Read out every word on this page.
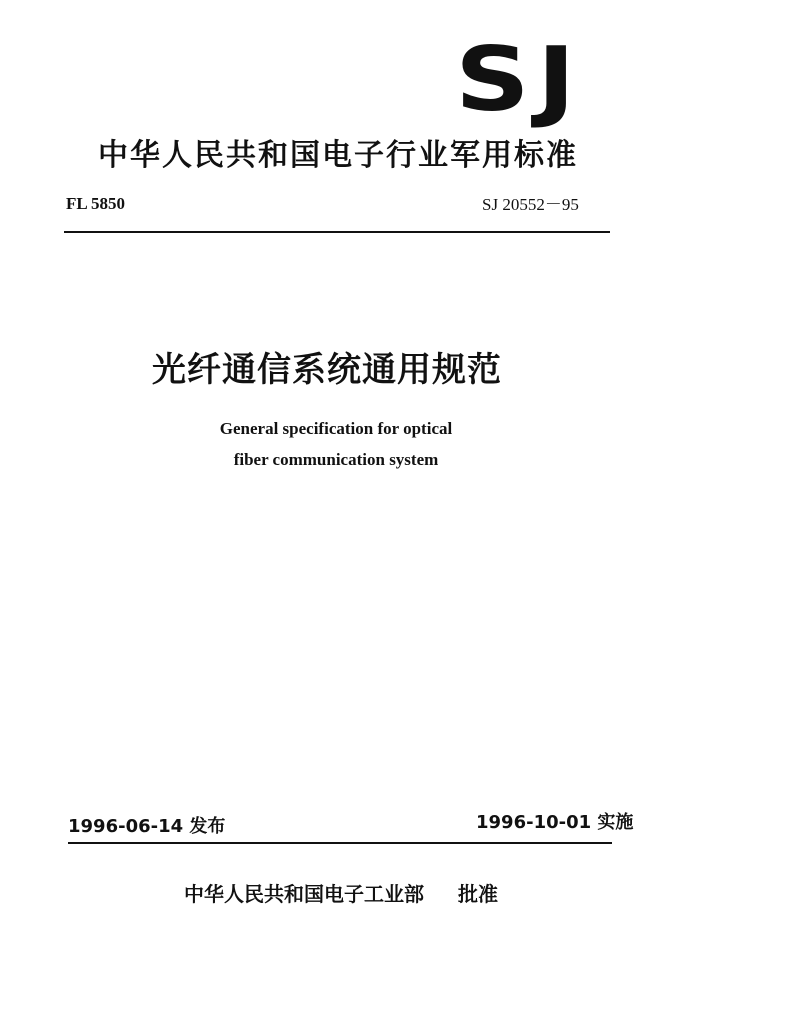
SJ
中华人民共和国电子行业军用标准
FL 5850	SJ 20552－95
光纤通信系统通用规范
General specification for optical
fiber communication system
1996-06-14 发布	1996-10-01 实施
中华人民共和国电子工业部 批准
